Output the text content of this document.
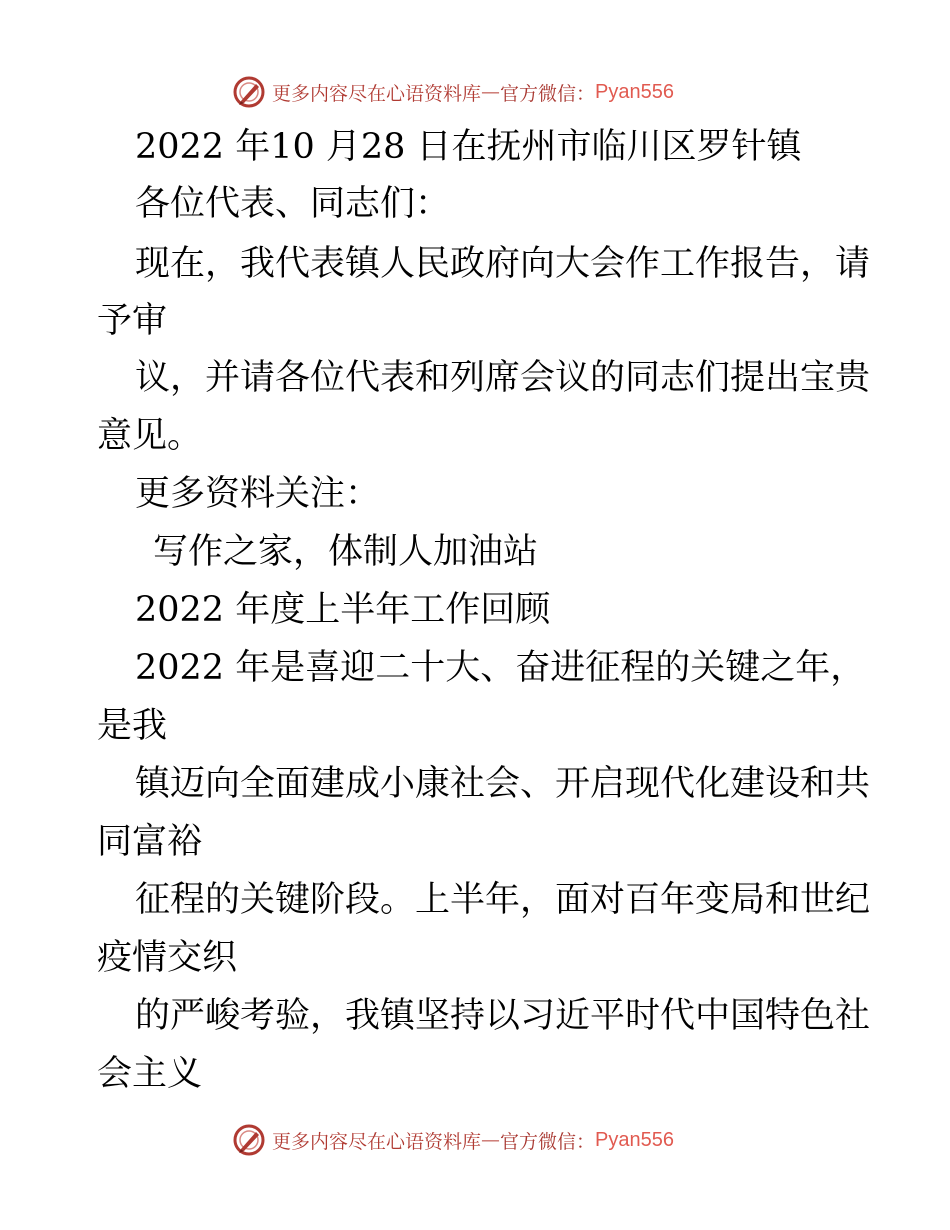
更多内容尽在心语资料库 — 官方微信： Pyan556
2022 年10 月28 日在抚州市临川区罗针镇
各位代表、同志们：
现在，我代表镇人民政府向大会作工作报告，请
予审
议，并请各位代表和列席会议的同志们提出宝贵
意见。
更多资料关注：
写作之家，体制人加油站
2022 年度上半年工作回顾
2022 年是喜迎二十大、奋进征程的关键之年，
是我
镇迈向全面建成小康社会、开启现代化建设和共
同富裕
征程的关键阶段。上半年，面对百年变局和世纪
疫情交织
的严峻考验，我镇坚持以习近平时代中国特色社
会主义
更多内容尽在心语资料库 — 官方微信： Pyan556
